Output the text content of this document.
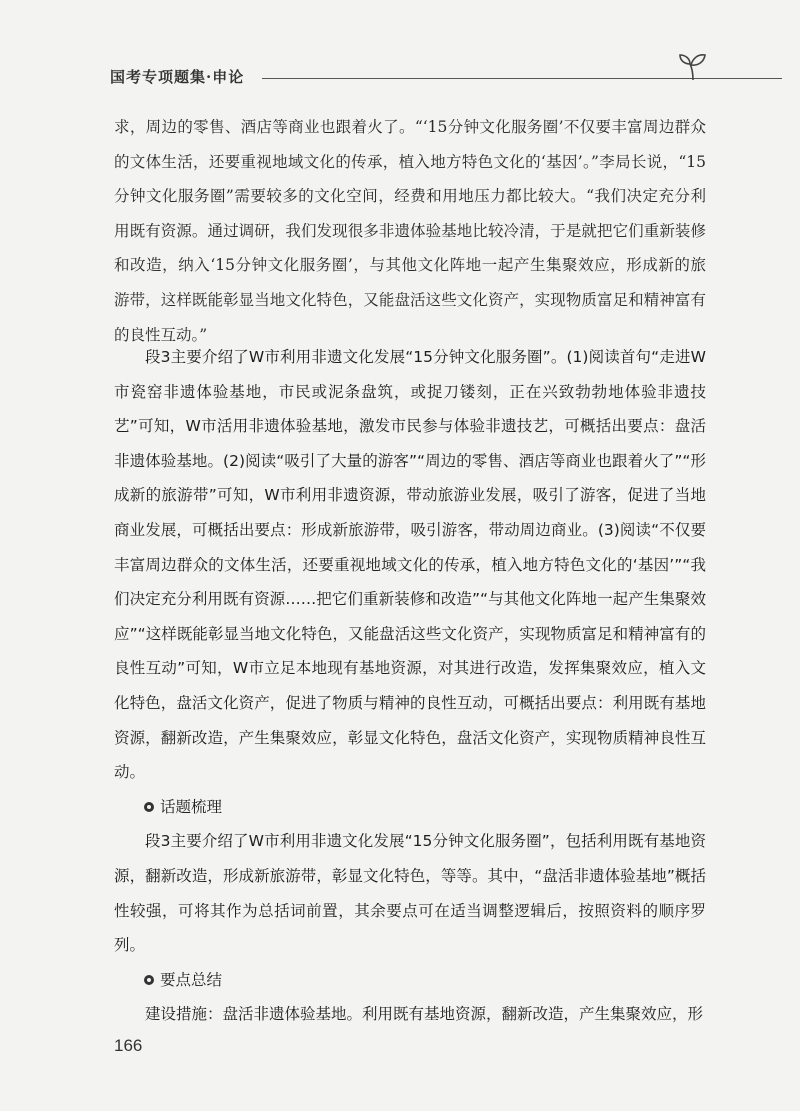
国考专项题集·申论
求，周边的零售、酒店等商业也跟着火了。“‘15分钟文化服务圈’不仅要丰富周边群众
的文体生活，还要重视地域文化的传承，植入地方特色文化的‘基因’。”李局长说，“15
分钟文化服务圈”需要较多的文化空间，经费和用地压力都比较大。“我们决定充分利
用既有资源。通过调研，我们发现很多非遗体验基地比较冷清，于是就把它们重新装修
和改造，纳入‘15分钟文化服务圈’，与其他文化阵地一起产生集聚效应，形成新的旅
游带，这样既能彰显当地文化特色，又能盘活这些文化资产，实现物质富足和精神富有
的良性互动。”

段3主要介绍了W市利用非遗文化发展“15分钟文化服务圈”。(1)阅读首句“走进W市瓷窑非遗体验基地，市民或泥条盘筑，或捉刀镂刻，正在兴致勃勃地体验非遗技艺”可知，W市活用非遗体验基地，激发市民参与体验非遗技艺，可概括出要点：盘活非遗体验基地。(2)阅读“吸引了大量的游客”“周边的零售、酒店等商业也跟着火了”“形成新的旅游带”可知，W市利用非遗资源，带动旅游业发展，吸引了游客，促进了当地商业发展，可概括出要点：形成新旅游带，吸引游客，带动周边商业。(3)阅读“不仅要丰富周边群众的文体生活，还要重视地域文化的传承，植入地方特色文化的‘基因’”“我们决定充分利用既有资源……把它们重新装修和改造”“与其他文化阵地一起产生集聚效应”“这样既能彰显当地文化特色，又能盘活这些文化资产，实现物质富足和精神富有的良性互动”可知，W市立足本地现有基地资源，对其进行改造，发挥集聚效应，植入文化特色，盘活文化资产，促进了物质与精神的良性互动，可概括出要点：利用既有基地资源，翻新改造，产生集聚效应，彰显文化特色，盘活文化资产，实现物质精神良性互动。

话题梳理

段3主要介绍了W市利用非遗文化发展“15分钟文化服务圈”，包括利用既有基地资源，翻新改造，形成新旅游带，彰显文化特色，等等。其中，“盘活非遗体验基地”概括性较强，可将其作为总括词前置，其余要点可在适当调整逻辑后，按照资料的顺序罗列。

要点总结

建设措施：盘活非遗体验基地。利用既有基地资源，翻新改造，产生集聚效应，形

166
